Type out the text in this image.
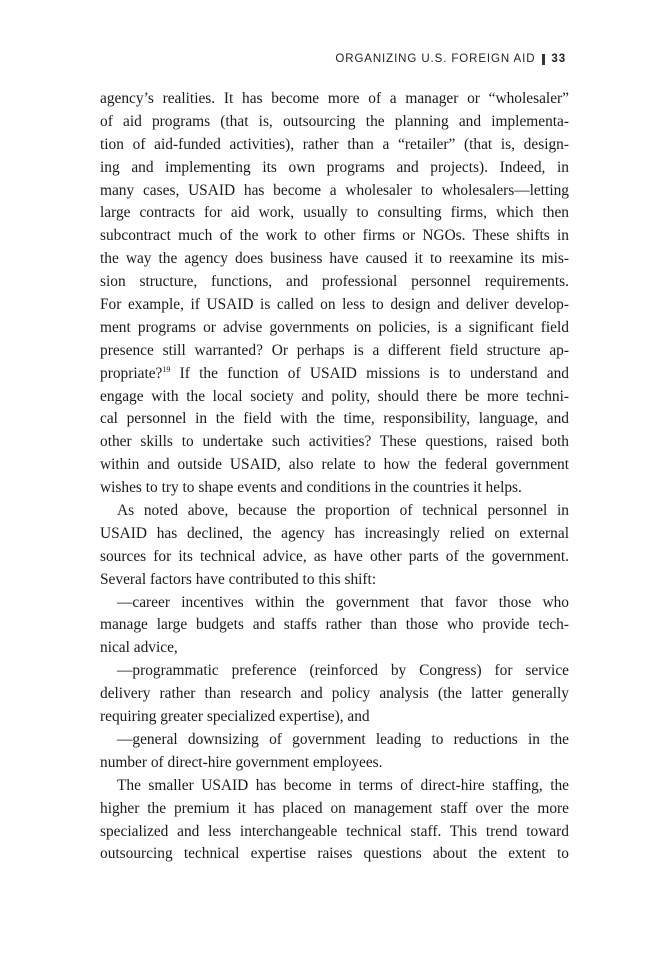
ORGANIZING U.S. FOREIGN AID 33
agency’s realities. It has become more of a manager or “wholesaler”
of aid programs (that is, outsourcing the planning and implementa-
tion of aid-funded activities), rather than a “retailer” (that is, design-
ing and implementing its own programs and projects). Indeed, in
many cases, USAID has become a wholesaler to wholesalers—letting
large contracts for aid work, usually to consulting firms, which then
subcontract much of the work to other firms or NGOs. These shifts in
the way the agency does business have caused it to reexamine its mis-
sion structure, functions, and professional personnel requirements.
For example, if USAID is called on less to design and deliver develop-
ment programs or advise governments on policies, is a significant field
presence still warranted? Or perhaps is a different field structure ap-
propriate?$^{19}$ If the function of USAID missions is to understand and
engage with the local society and polity, should there be more techni-
cal personnel in the field with the time, responsibility, language, and
other skills to undertake such activities? These questions, raised both
within and outside USAID, also relate to how the federal government
wishes to try to shape events and conditions in the countries it helps.
As noted above, because the proportion of technical personnel in
USAID has declined, the agency has increasingly relied on external
sources for its technical advice, as have other parts of the government.
Several factors have contributed to this shift:
—career incentives within the government that favor those who
manage large budgets and staffs rather than those who provide tech-
nical advice,
—programmatic preference (reinforced by Congress) for service
delivery rather than research and policy analysis (the latter generally
requiring greater specialized expertise), and
—general downsizing of government leading to reductions in the
number of direct-hire government employees.
The smaller USAID has become in terms of direct-hire staffing, the
higher the premium it has placed on management staff over the more
specialized and less interchangeable technical staff. This trend toward
outsourcing technical expertise raises questions about the extent to
